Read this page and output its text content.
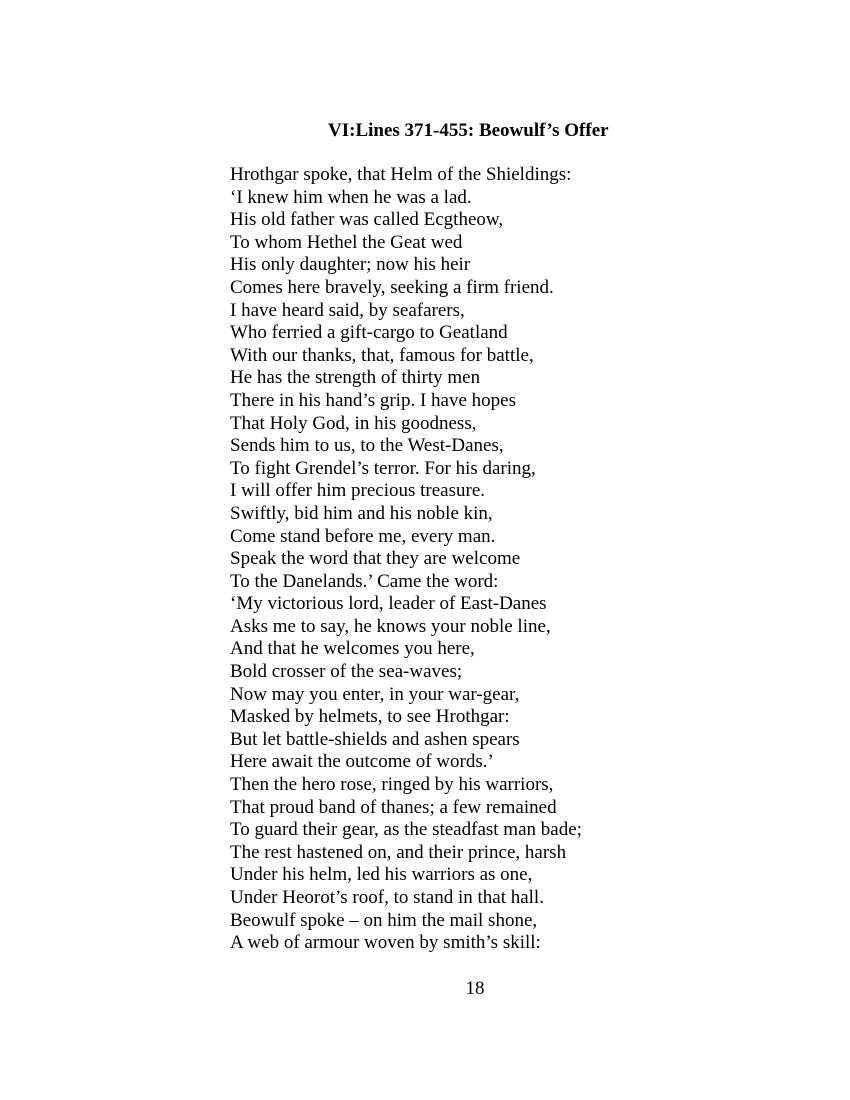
VI:Lines 371-455: Beowulf’s Offer
Hrothgar spoke, that Helm of the Shieldings:
‘I knew him when he was a lad.
His old father was called Ecgtheow,
To whom Hethel the Geat wed
His only daughter; now his heir
Comes here bravely, seeking a firm friend.
I have heard said, by seafarers,
Who ferried a gift-cargo to Geatland
With our thanks, that, famous for battle,
He has the strength of thirty men
There in his hand’s grip. I have hopes
That Holy God, in his goodness,
Sends him to us, to the West-Danes,
To fight Grendel’s terror. For his daring,
I will offer him precious treasure.
Swiftly, bid him and his noble kin,
Come stand before me, every man.
Speak the word that they are welcome
To the Danelands.’ Came the word:
‘My victorious lord, leader of East-Danes
Asks me to say, he knows your noble line,
And that he welcomes you here,
Bold crosser of the sea-waves;
Now may you enter, in your war-gear,
Masked by helmets, to see Hrothgar:
But let battle-shields and ashen spears
Here await the outcome of words.’
Then the hero rose, ringed by his warriors,
That proud band of thanes; a few remained
To guard their gear, as the steadfast man bade;
The rest hastened on, and their prince, harsh
Under his helm, led his warriors as one,
Under Heorot’s roof, to stand in that hall.
Beowulf spoke – on him the mail shone,
A web of armour woven by smith’s skill:
18
